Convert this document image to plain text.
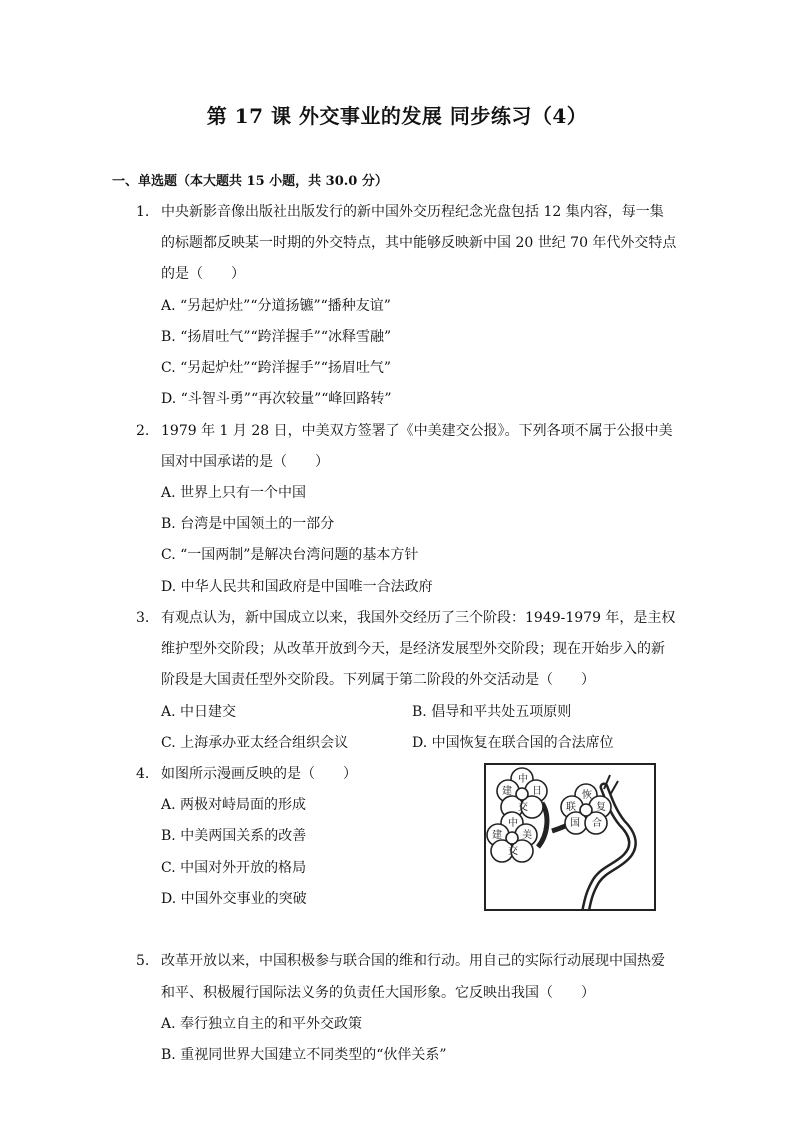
第 17 课 外交事业的发展 同步练习（4）
一、单选题（本大题共 15 小题，共 30.0 分）
1. 中央新影音像出版社出版发行的新中国外交历程纪念光盘包括 12 集内容，每一集
的标题都反映某一时期的外交特点，其中能够反映新中国 20 世纪 70 年代外交特点
的是（　　）
A. “另起炉灶”“分道扬镳”“播种友谊”
B. “扬眉吐气”“跨洋握手”“冰释雪融”
C. “另起炉灶”“跨洋握手”“扬眉吐气”
D. “斗智斗勇”“再次较量”“峰回路转”
2. 1979 年 1 月 28 日，中美双方签署了《中美建交公报》。下列各项不属于公报中美
国对中国承诺的是（　　）
A. 世界上只有一个中国
B. 台湾是中国领土的一部分
C. “一国两制”是解决台湾问题的基本方针
D. 中华人民共和国政府是中国唯一合法政府
3. 有观点认为，新中国成立以来，我国外交经历了三个阶段：1949-1979 年，是主权
维护型外交阶段；从改革开放到今天，是经济发展型外交阶段；现在开始步入的新
阶段是大国责任型外交阶段。下列属于第二阶段的外交活动是（　　）
A. 中日建交	B. 倡导和平共处五项原则
C. 上海承办亚太经合组织会议	D. 中国恢复在联合国的合法席位
4. 如图所示漫画反映的是（　　）
A. 两极对峙局面的形成
B. 中美两国关系的改善
C. 中国对外开放的格局
D. 中国外交事业的突破
中
日
建
交
恢
复
联
合
国
中
美
建
交
5. 改革开放以来，中国积极参与联合国的维和行动。用自己的实际行动展现中国热爱
和平、积极履行国际法义务的负责任大国形象。它反映出我国（　　）
A. 奉行独立自主的和平外交政策
B. 重视同世界大国建立不同类型的“伙伴关系”
